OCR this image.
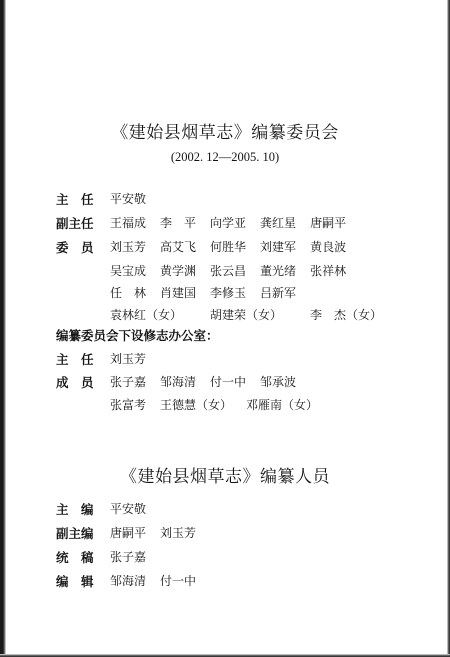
《建始县烟草志》编纂委员会
(2002. 12—2005. 10)
主　任 平安敬
副主任 王福成 李　平 向学亚 龚红星 唐嗣平
委　员 刘玉芳 高艾飞 何胜华 刘建军 黄良波
吴宝成 黄学渊 张云昌 董光绪 张祥林
任　林 肖建国 李修玉 吕新军
袁林红（女） 胡建荣（女） 李　杰（女）
编纂委员会下设修志办公室：
主　任 刘玉芳
成　员 张子嘉 邹海清 付一中 邹承波
张富考 王德慧（女） 邓雁南（女）
《建始县烟草志》编纂人员
主　编 平安敬
副主编 唐嗣平 刘玉芳
统　稿 张子嘉
编　辑 邹海清 付一中
